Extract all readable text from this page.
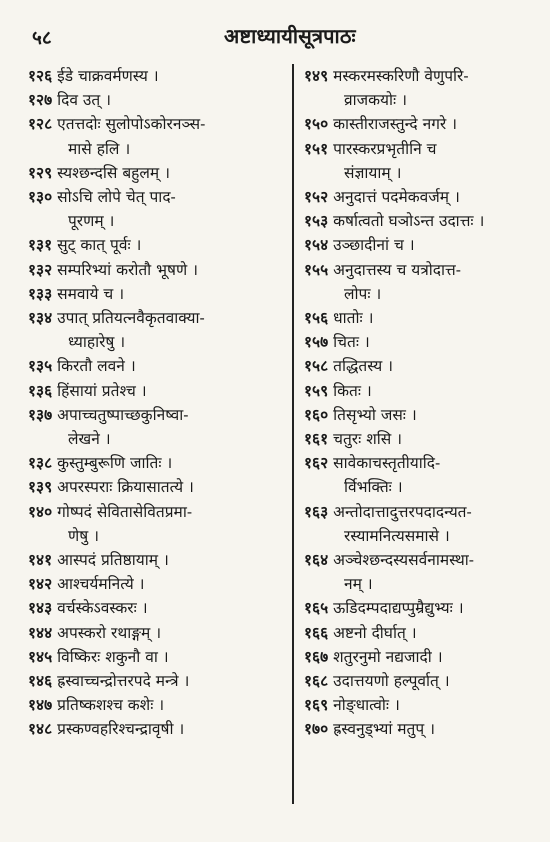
५८	अष्टाध्यायीसूत्रपाठः
१२६ ईडे चाक्रवर्मणस्य ।
१२७ दिव उत् ।
१२८ एतत्तदोः सुलोपोऽकोरनञ्स-
मासे हलि ।
१२९ स्यश्छन्दसि बहुलम् ।
१३० सोऽचि लोपे चेत् पाद-
पूरणम् ।
१३१ सुट् कात् पूर्वः ।
१३२ सम्परिभ्यां करोतौ भूषणे ।
१३३ समवाये च ।
१३४ उपात् प्रतियत्नवैकृतवाक्या-
ध्याहारेषु ।
१३५ किरतौ लवने ।
१३६ हिंसायां प्रतेश्च ।
१३७ अपाच्चतुष्पाच्छकुनिष्वा-
लेखने ।
१३८ कुस्तुम्बुरूणि जातिः ।
१३९ अपरस्पराः क्रियासातत्ये ।
१४० गोष्पदं सेवितासेवितप्रमा-
णेषु ।
१४१ आस्पदं प्रतिष्ठायाम् ।
१४२ आश्चर्यमनित्ये ।
१४३ वर्चस्केऽवस्करः ।
१४४ अपस्करो रथाङ्गम् ।
१४५ विष्किरः शकुनौ वा ।
१४६ ह्रस्वाच्चन्द्रोत्तरपदे मन्त्रे ।
१४७ प्रतिष्कशश्च कशेः ।
१४८ प्रस्कण्वहरिश्चन्द्रावृषी ।
१४९ मस्करमस्करिणौ वेणुपरि-
व्राजकयोः ।
१५० कास्तीराजस्तुन्दे नगरे ।
१५१ पारस्करप्रभृतीनि च
संज्ञायाम् ।
१५२ अनुदात्तं पदमेकवर्जम् ।
१५३ कर्षात्वतो घञोऽन्त उदात्तः ।
१५४ उञ्छादीनां च ।
१५५ अनुदात्तस्य च यत्रोदात्त-
लोपः ।
१५६ धातोः ।
१५७ चितः ।
१५८ तद्धितस्य ।
१५९ कितः ।
१६० तिसृभ्यो जसः ।
१६१ चतुरः शसि ।
१६२ सावेकाचस्तृतीयादि-
र्विभक्तिः ।
१६३ अन्तोदात्तादुत्तरपदादन्यत-
रस्यामनित्यसमासे ।
१६४ अञ्चेश्छन्दस्यसर्वनामस्था-
नम् ।
१६५ ऊडिदम्पदाद्यप्पुम्रैद्युभ्यः ।
१६६ अष्टनो दीर्घात् ।
१६७ शतुरनुमो नद्यजादी ।
१६८ उदात्तयणो हल्पूर्वात् ।
१६९ नोङ्धात्वोः ।
१७० ह्रस्वनुड्भ्यां मतुप् ।
